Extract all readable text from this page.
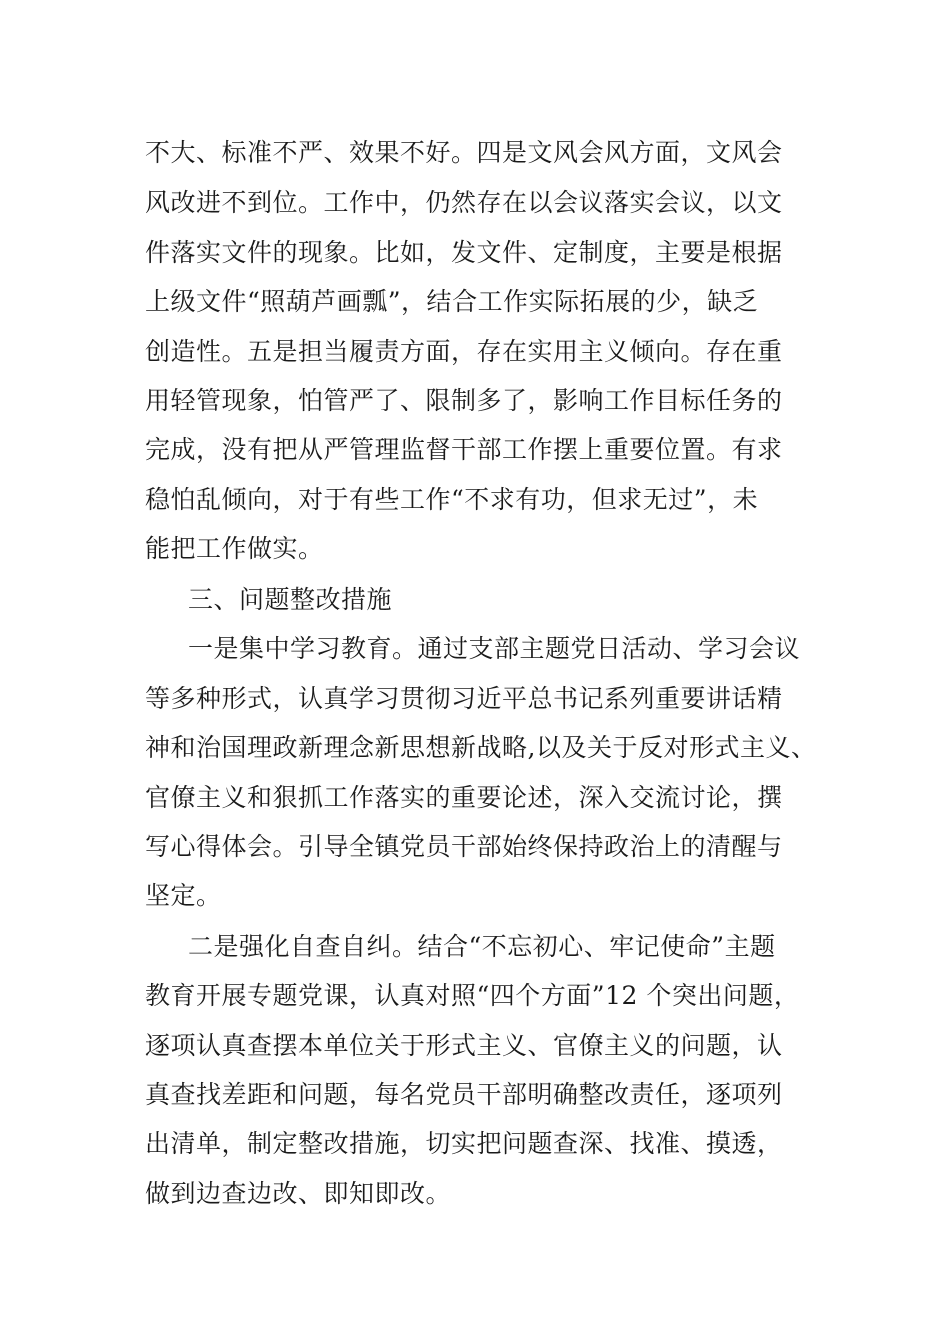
不大、标准不严、效果不好。四是文风会风方面，文风会
风改进不到位。工作中，仍然存在以会议落实会议，以文
件落实文件的现象。比如，发文件、定制度，主要是根据
上级文件“照葫芦画瓢”，结合工作实际拓展的少，缺乏
创造性。五是担当履责方面，存在实用主义倾向。存在重
用轻管现象，怕管严了、限制多了，影响工作目标任务的
完成，没有把从严管理监督干部工作摆上重要位置。有求
稳怕乱倾向，对于有些工作“不求有功，但求无过”，未
能把工作做实。
三、问题整改措施
一是集中学习教育。通过支部主题党日活动、学习会议
等多种形式，认真学习贯彻习近平总书记系列重要讲话精
神和治国理政新理念新思想新战略,以及关于反对形式主义、
官僚主义和狠抓工作落实的重要论述，深入交流讨论，撰
写心得体会。引导全镇党员干部始终保持政治上的清醒与
坚定。
二是强化自查自纠。结合“不忘初心、牢记使命”主题
教育开展专题党课，认真对照“四个方面”12 个突出问题，
逐项认真查摆本单位关于形式主义、官僚主义的问题，认
真查找差距和问题，每名党员干部明确整改责任，逐项列
出清单，制定整改措施，切实把问题查深、找准、摸透，
做到边查边改、即知即改。
